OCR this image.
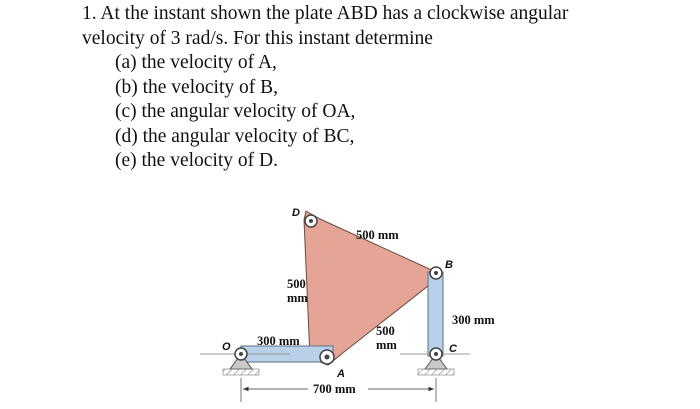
1. At the instant shown the plate ABD has a clockwise angular
velocity of 3 rad/s. For this instant determine

(a) the velocity of A,
(b) the velocity of B,
(c) the angular velocity of OA,
(d) the angular velocity of BC,
(e) the velocity of D.
D
B
C
O
A
500 mm
500
mm
500
mm
300 mm
300 mm
700 mm
